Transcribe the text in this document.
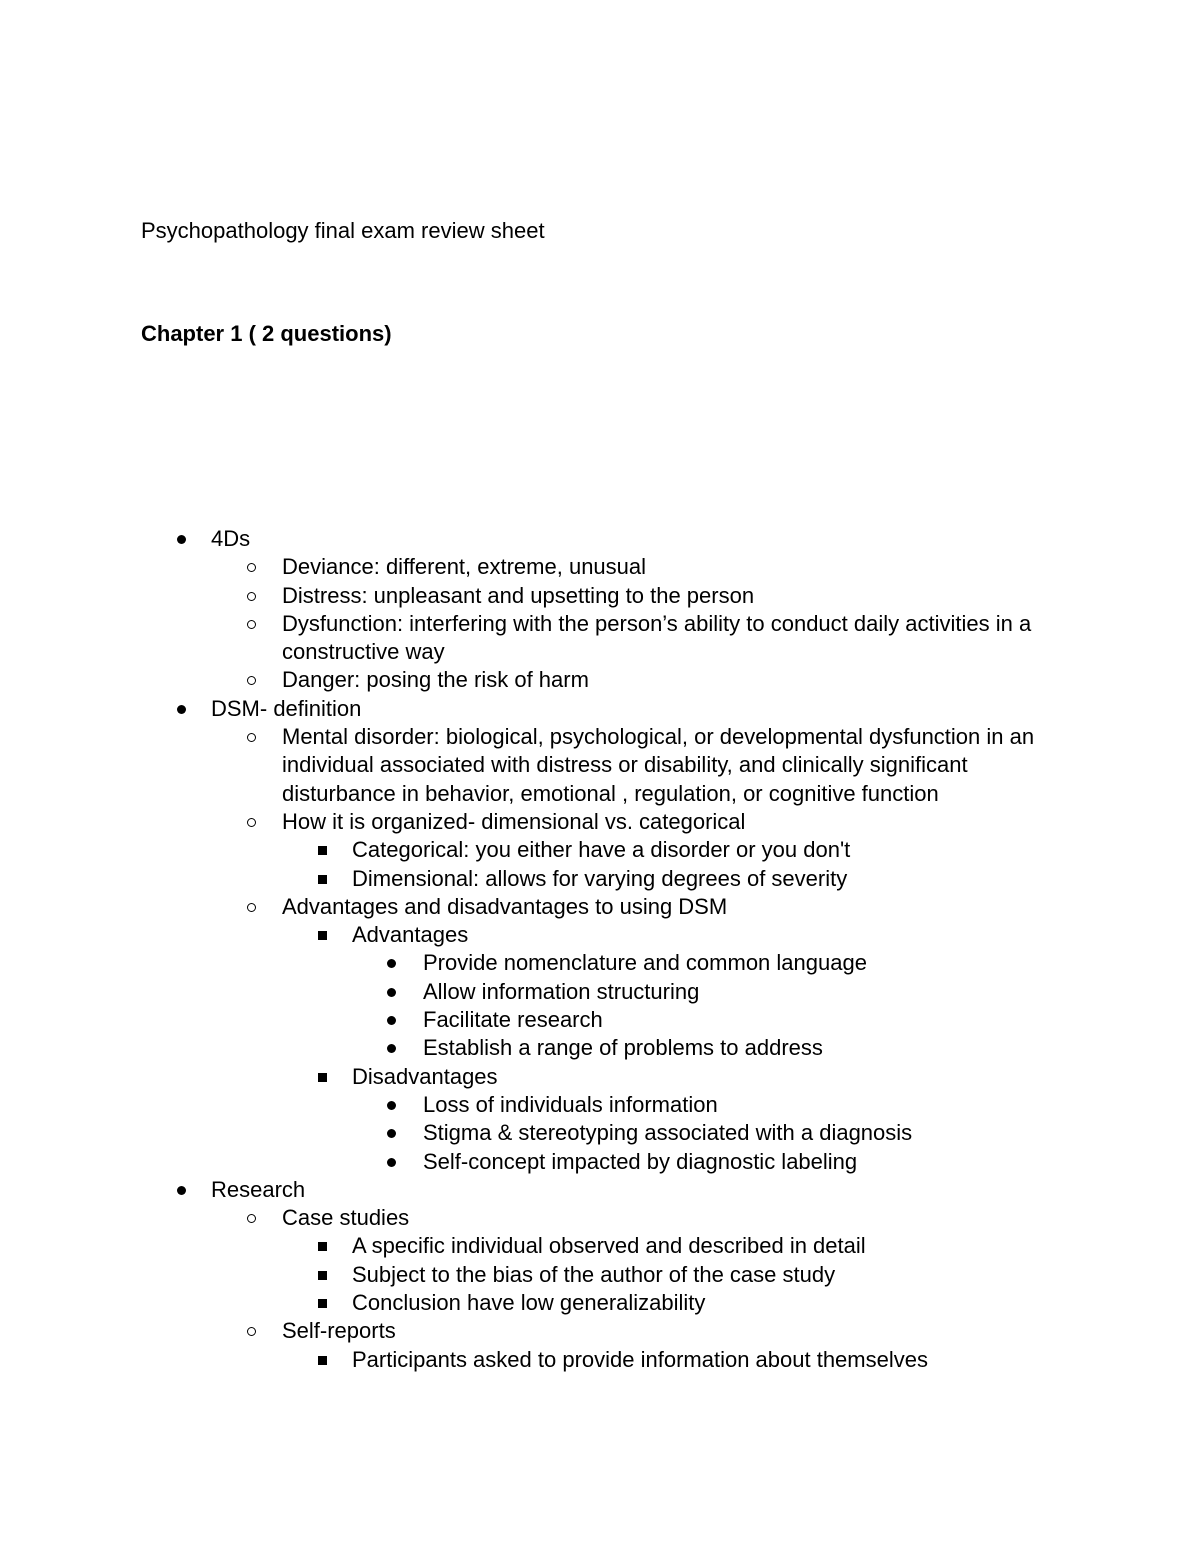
Psychopathology final exam review sheet
Chapter 1 ( 2 questions)
4Ds
Deviance: different, extreme, unusual
Distress: unpleasant and upsetting to the person
Dysfunction: interfering with the person’s ability to conduct daily activities in a constructive way
Danger: posing the risk of harm
DSM- definition
Mental disorder: biological, psychological, or developmental dysfunction in an individual associated with distress or disability, and clinically significant disturbance in behavior, emotional , regulation, or cognitive function
How it is organized- dimensional vs. categorical
Categorical: you either have a disorder or you don't
Dimensional: allows for varying degrees of severity
Advantages and disadvantages to using DSM
Advantages
Provide nomenclature and common language
Allow information structuring
Facilitate research
Establish a range of problems to address
Disadvantages
Loss of individuals information
Stigma & stereotyping associated with a diagnosis
Self-concept impacted by diagnostic labeling
Research
Case studies
A specific individual observed and described in detail
Subject to the bias of the author of the case study
Conclusion have low generalizability
Self-reports
Participants asked to provide information about themselves
